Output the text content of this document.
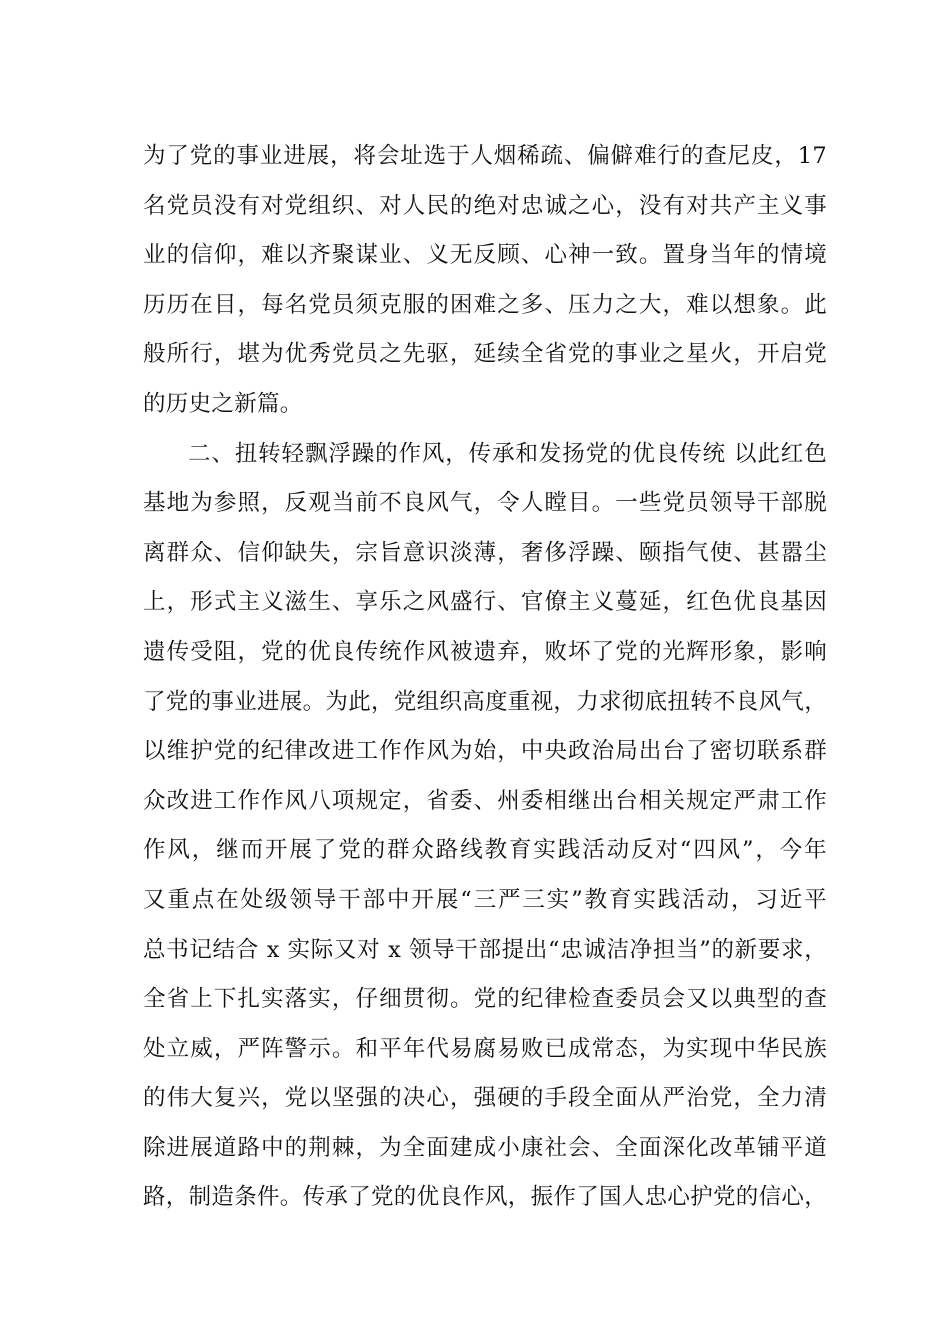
为了党的事业进展，将会址选于人烟稀疏、偏僻难行的查尼皮，17
名党员没有对党组织、对人民的绝对忠诚之心，没有对共产主义事
业的信仰，难以齐聚谋业、义无反顾、心神一致。置身当年的情境
历历在目，每名党员须克服的困难之多、压力之大，难以想象。此
般所行，堪为优秀党员之先驱，延续全省党的事业之星火，开启党
的历史之新篇。
二、扭转轻飘浮躁的作风，传承和发扬党的优良传统 以此红色
基地为参照，反观当前不良风气，令人瞠目。一些党员领导干部脱
离群众、信仰缺失，宗旨意识淡薄，奢侈浮躁、颐指气使、甚嚣尘
上，形式主义滋生、享乐之风盛行、官僚主义蔓延，红色优良基因
遗传受阻，党的优良传统作风被遗弃，败坏了党的光辉形象，影响
了党的事业进展。为此，党组织高度重视，力求彻底扭转不良风气，
以维护党的纪律改进工作作风为始，中央政治局出台了密切联系群
众改进工作作风八项规定，省委、州委相继出台相关规定严肃工作
作风，继而开展了党的群众路线教育实践活动反对“四风”，今年
又重点在处级领导干部中开展“三严三实”教育实践活动，习近平
总书记结合 x 实际又对 x 领导干部提出“忠诚洁净担当”的新要求，
全省上下扎实落实，仔细贯彻。党的纪律检查委员会又以典型的查
处立威，严阵警示。和平年代易腐易败已成常态，为实现中华民族
的伟大复兴，党以坚强的决心，强硬的手段全面从严治党，全力清
除进展道路中的荆棘，为全面建成小康社会、全面深化改革铺平道
路，制造条件。传承了党的优良作风，振作了国人忠心护党的信心，
